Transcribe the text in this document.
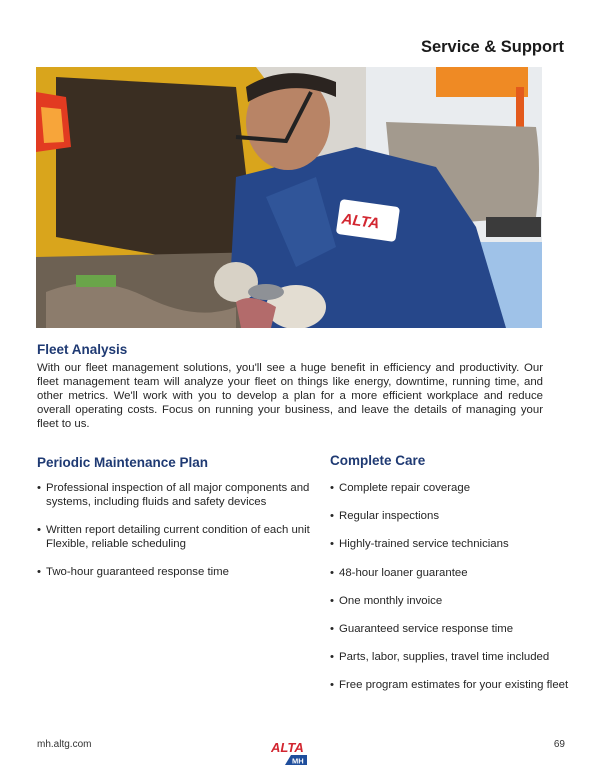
Service & Support
ALTA
Fleet Analysis

With our fleet management solutions, you'll see a huge benefit in efficiency and productivity. Our fleet management team will analyze your fleet on things like energy, downtime, running time, and other metrics. We'll work with you to develop a plan for a more efficient workplace and reduce overall operating costs. Focus on running your business, and leave the details of managing your fleet to us.

Periodic Maintenance Plan
• Professional inspection of all major components and systems, including fluids and safety devices
• Written report detailing current condition of each unit Flexible, reliable scheduling
• Two-hour guaranteed response time
Complete Care
• Complete repair coverage
• Regular inspections
• Highly-trained service technicians
• 48-hour loaner guarantee
• One monthly invoice
• Guaranteed service response time
• Parts, labor, supplies, travel time included
• Free program estimates for your existing fleet
mh.altg.com	ALTA
MH
69
